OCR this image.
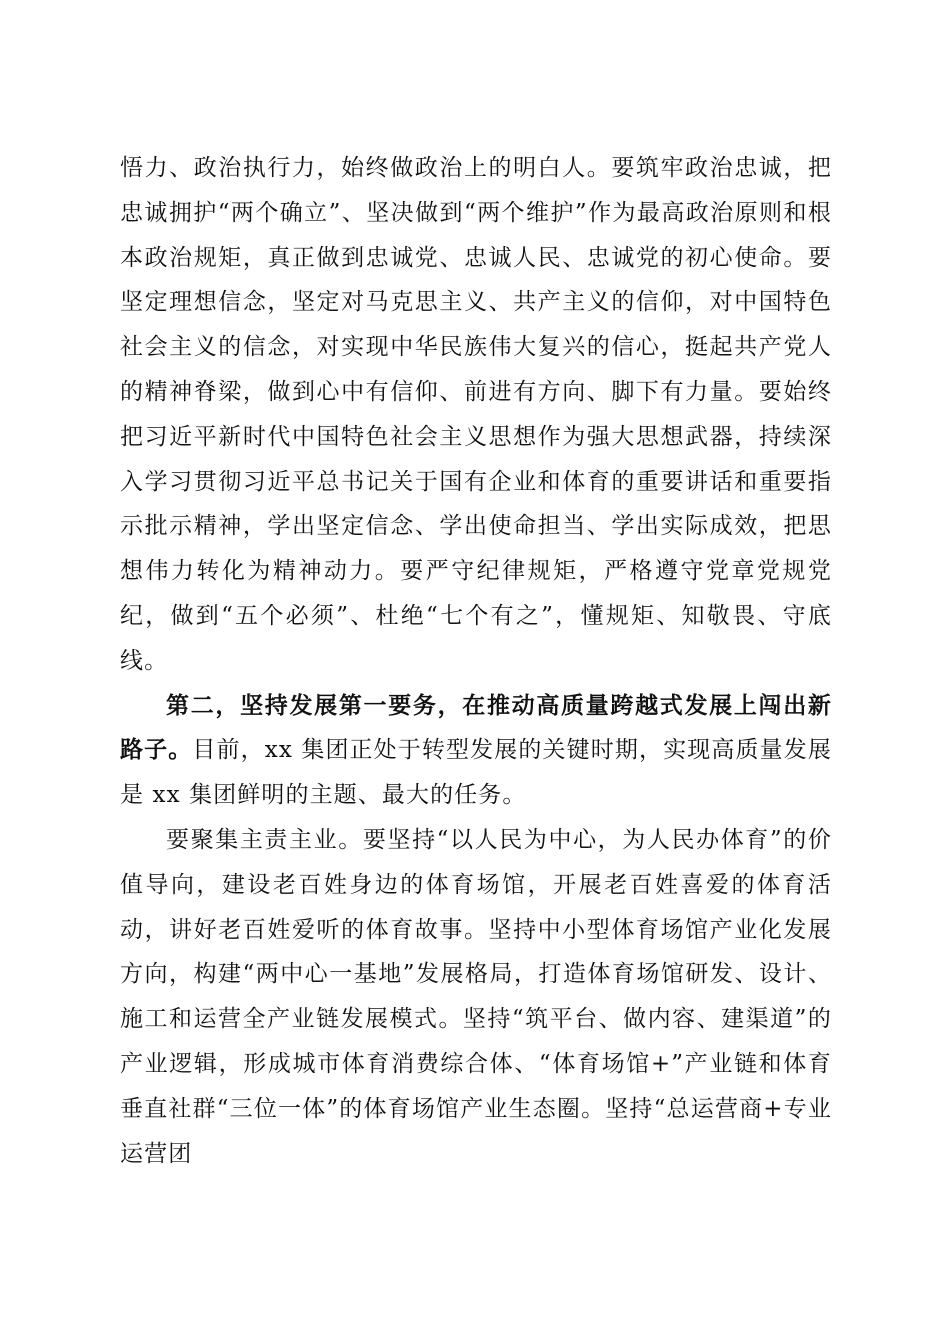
悟力、政治执行力，始终做政治上的明白人。要筑牢政治忠诚，把忠诚拥护“两个确立”、坚决做到“两个维护”作为最高政治原则和根本政治规矩，真正做到忠诚党、忠诚人民、忠诚党的初心使命。要坚定理想信念，坚定对马克思主义、共产主义的信仰，对中国特色社会主义的信念，对实现中华民族伟大复兴的信心，挺起共产党人的精神脊梁，做到心中有信仰、前进有方向、脚下有力量。要始终把习近平新时代中国特色社会主义思想作为强大思想武器，持续深入学习贯彻习近平总书记关于国有企业和体育的重要讲话和重要指示批示精神，学出坚定信念、学出使命担当、学出实际成效，把思想伟力转化为精神动力。要严守纪律规矩，严格遵守党章党规党纪，做到“五个必须”、杜绝“七个有之”，懂规矩、知敬畏、守底线。

第二，坚持发展第一要务，在推动高质量跨越式发展上闯出新路子。目前，xx 集团正处于转型发展的关键时期，实现高质量发展是 xx 集团鲜明的主题、最大的任务。

要聚集主责主业。要坚持“以人民为中心，为人民办体育”的价值导向，建设老百姓身边的体育场馆，开展老百姓喜爱的体育活动，讲好老百姓爱听的体育故事。坚持中小型体育场馆产业化发展方向，构建“两中心一基地”发展格局，打造体育场馆研发、设计、施工和运营全产业链发展模式。坚持“筑平台、做内容、建渠道”的产业逻辑，形成城市体育消费综合体、“体育场馆+”产业链和体育垂直社群“三位一体”的体育场馆产业生态圈。坚持“总运营商+专业运营团
